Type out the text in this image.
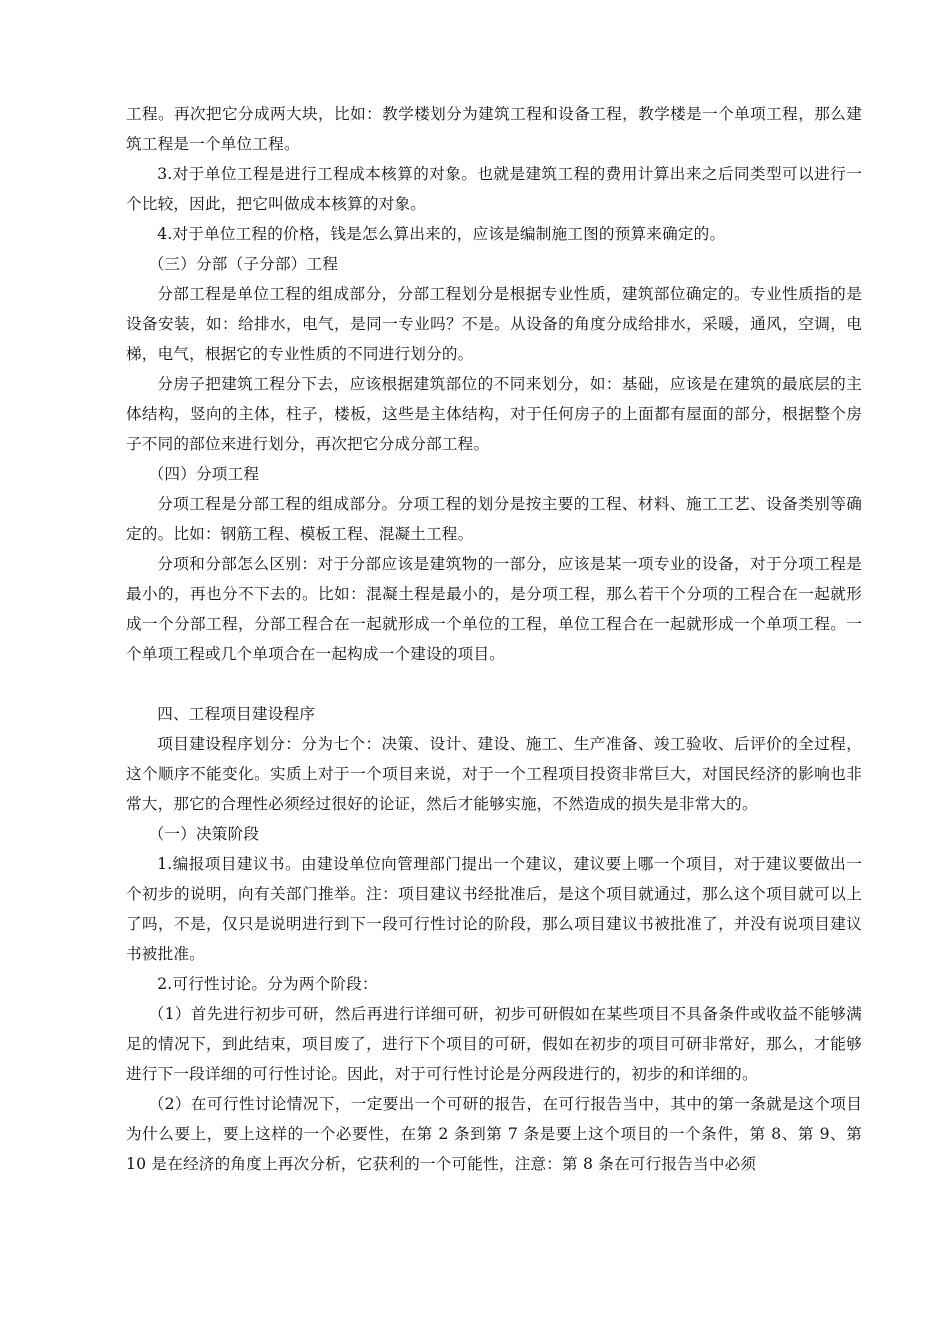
工程。再次把它分成两大块，比如：教学楼划分为建筑工程和设备工程，教学楼是一个单项工程，那么建筑工程是一个单位工程。

3.对于单位工程是进行工程成本核算的对象。也就是建筑工程的费用计算出来之后同类型可以进行一个比较，因此，把它叫做成本核算的对象。

4.对于单位工程的价格，钱是怎么算出来的，应该是编制施工图的预算来确定的。

（三）分部（子分部）工程

分部工程是单位工程的组成部分，分部工程划分是根据专业性质，建筑部位确定的。专业性质指的是设备安装，如：给排水，电气，是同一专业吗？不是。从设备的角度分成给排水，采暖，通风，空调，电梯，电气，根据它的专业性质的不同进行划分的。

分房子把建筑工程分下去，应该根据建筑部位的不同来划分，如：基础，应该是在建筑的最底层的主体结构，竖向的主体，柱子，楼板，这些是主体结构，对于任何房子的上面都有屋面的部分，根据整个房子不同的部位来进行划分，再次把它分成分部工程。

（四）分项工程

分项工程是分部工程的组成部分。分项工程的划分是按主要的工程、材料、施工工艺、设备类别等确定的。比如：钢筋工程、模板工程、混凝土工程。

分项和分部怎么区别：对于分部应该是建筑物的一部分，应该是某一项专业的设备，对于分项工程是最小的，再也分不下去的。比如：混凝土程是最小的，是分项工程，那么若干个分项的工程合在一起就形成一个分部工程，分部工程合在一起就形成一个单位的工程，单位工程合在一起就形成一个单项工程。一个单项工程或几个单项合在一起构成一个建设的项目。

四、工程项目建设程序

项目建设程序划分：分为七个：决策、设计、建设、施工、生产准备、竣工验收、后评价的全过程，这个顺序不能变化。实质上对于一个项目来说，对于一个工程项目投资非常巨大，对国民经济的影响也非常大，那它的合理性必须经过很好的论证，然后才能够实施，不然造成的损失是非常大的。

（一）决策阶段

1.编报项目建议书。由建设单位向管理部门提出一个建议，建议要上哪一个项目，对于建议要做出一个初步的说明，向有关部门推举。注：项目建议书经批准后，是这个项目就通过，那么这个项目就可以上了吗，不是，仅只是说明进行到下一段可行性讨论的阶段，那么项目建议书被批准了，并没有说项目建议书被批准。

2.可行性讨论。分为两个阶段：

（1）首先进行初步可研，然后再进行详细可研，初步可研假如在某些项目不具备条件或收益不能够满足的情况下，到此结束，项目废了，进行下个项目的可研，假如在初步的项目可研非常好，那么，才能够进行下一段详细的可行性讨论。因此，对于可行性讨论是分两段进行的，初步的和详细的。

（2）在可行性讨论情况下，一定要出一个可研的报告，在可行报告当中，其中的第一条就是这个项目为什么要上，要上这样的一个必要性，在第 2 条到第 7 条是要上这个项目的一个条件，第 8、第 9、第 10 是在经济的角度上再次分析，它获利的一个可能性，注意：第 8 条在可行报告当中必须
